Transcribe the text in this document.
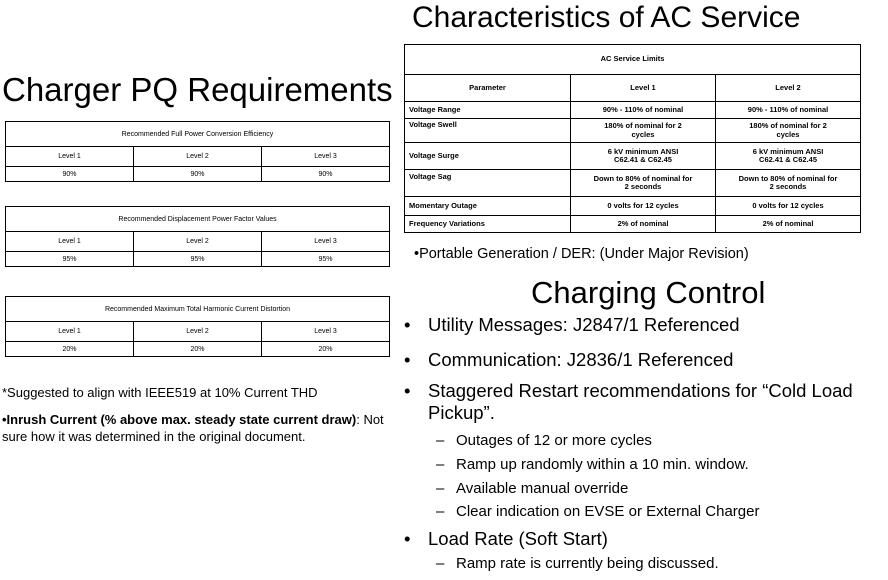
Charger PQ Requirements
Recommended Full Power Conversion Efficiency		
Level 1	Level 2	Level 3
90%	90%	90%
Recommended Displacement Power Factor Values		
Level 1	Level 2	Level 3
95%	95%	95%
Recommended Maximum Total Harmonic Current Distortion		
Level 1	Level 2	Level 3
20%	20%	20%
*Suggested to align with IEEE519 at 10% Current THD
•Inrush Current (% above max. steady state current draw): Not sure how it was determined in the original document.
Characteristics of AC Service
AC Service Limits		
Parameter	Level 1	Level 2
Voltage Range	90% - 110% of nominal	90% - 110% of nominal
Voltage Swell	180% of nominal for 2 cycles	180% of nominal for 2 cycles
Voltage Surge	6 kV minimum ANSI C62.41 & C62.45	6 kV minimum ANSI C62.41 & C62.45
Voltage Sag	Down to 80% of nominal for 2 seconds	Down to 80% of nominal for 2 seconds
Momentary Outage	0 volts for 12 cycles	0 volts for 12 cycles
Frequency Variations	2% of nominal	2% of nominal
•Portable Generation / DER: (Under Major Revision)
Charging Control
• Utility Messages: J2847/1 Referenced
• Communication: J2836/1 Referenced
• Staggered Restart recommendations for “Cold Load
Pickup”.
– Outages of 12 or more cycles
– Ramp up randomly within a 10 min. window.
– Available manual override
– Clear indication on EVSE or External Charger
• Load Rate (Soft Start)
– Ramp rate is currently being discussed.
